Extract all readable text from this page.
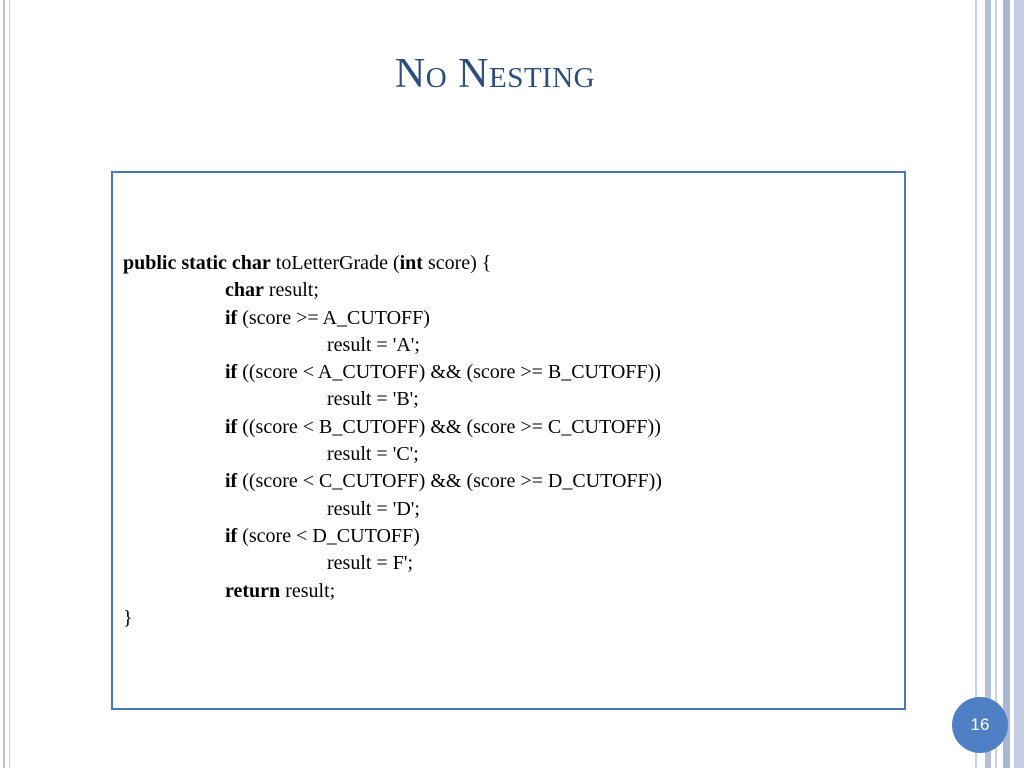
No Nesting
public static char toLetterGrade (int score) {
char result;
if (score >= A_CUTOFF)
result = 'A';
if ((score < A_CUTOFF) && (score >= B_CUTOFF))
result = 'B';
if ((score < B_CUTOFF) && (score >= C_CUTOFF))
result = 'C';
if ((score < C_CUTOFF) && (score >= D_CUTOFF))
result = 'D';
if (score < D_CUTOFF)
result = F';
return result;
}
16
